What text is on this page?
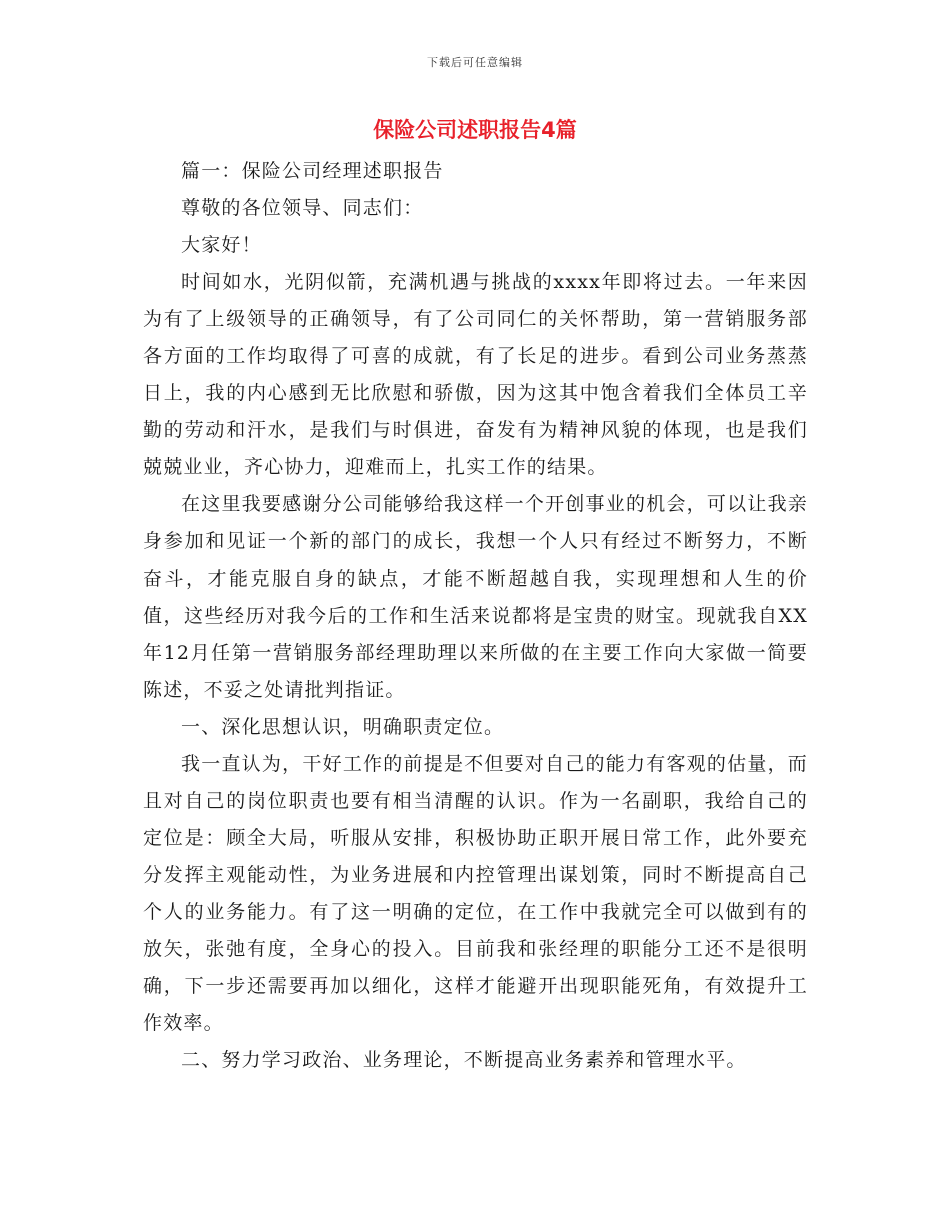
下载后可任意编辑
保险公司述职报告4篇

篇一：保险公司经理述职报告

尊敬的各位领导、同志们：

大家好！

时间如水，光阴似箭，充满机遇与挑战的xxxx年即将过去。一年来因为有了上级领导的正确领导，有了公司同仁的关怀帮助，第一营销服务部各方面的工作均取得了可喜的成就，有了长足的进步。看到公司业务蒸蒸日上，我的内心感到无比欣慰和骄傲，因为这其中饱含着我们全体员工辛勤的劳动和汗水，是我们与时俱进，奋发有为精神风貌的体现，也是我们兢兢业业，齐心协力，迎难而上，扎实工作的结果。

在这里我要感谢分公司能够给我这样一个开创事业的机会，可以让我亲身参加和见证一个新的部门的成长，我想一个人只有经过不断努力，不断奋斗，才能克服自身的缺点，才能不断超越自我，实现理想和人生的价值，这些经历对我今后的工作和生活来说都将是宝贵的财宝。现就我自XX年12月任第一营销服务部经理助理以来所做的在主要工作向大家做一简要陈述，不妥之处请批判指证。

一、深化思想认识，明确职责定位。

我一直认为，干好工作的前提是不但要对自己的能力有客观的估量，而且对自己的岗位职责也要有相当清醒的认识。作为一名副职，我给自己的定位是：顾全大局，听服从安排，积极协助正职开展日常工作，此外要充分发挥主观能动性，为业务进展和内控管理出谋划策，同时不断提高自己个人的业务能力。有了这一明确的定位，在工作中我就完全可以做到有的放矢，张弛有度，全身心的投入。目前我和张经理的职能分工还不是很明确，下一步还需要再加以细化，这样才能避开出现职能死角，有效提升工作效率。

二、努力学习政治、业务理论，不断提高业务素养和管理水平。
